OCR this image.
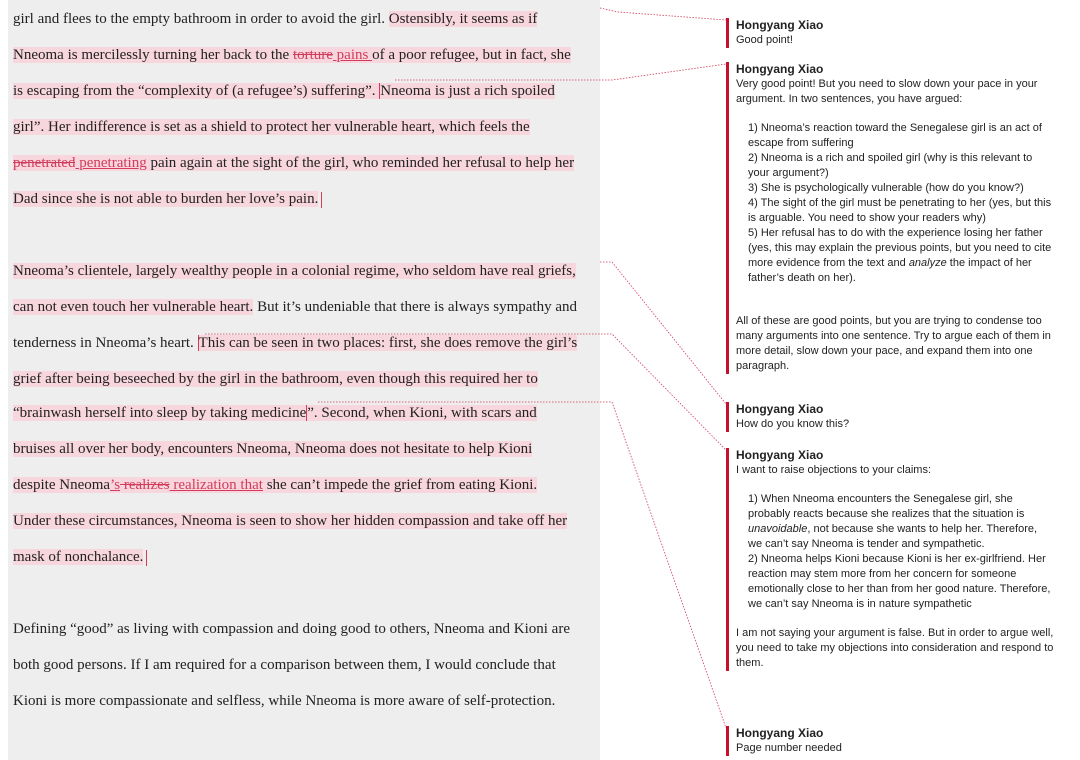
girl and flees to the empty bathroom in order to avoid the girl. Ostensibly, it seems as if
Nneoma is mercilessly turning her back to the torture pains of a poor refugee, but in fact, she
is escaping from the “complexity of (a refugee’s) suffering”. Nneoma is just a rich spoiled
girl”. Her indifference is set as a shield to protect her vulnerable heart, which feels the
penetrated penetrating pain again at the sight of the girl, who reminded her refusal to help her
Dad since she is not able to burden her love’s pain.
Nneoma’s clientele, largely wealthy people in a colonial regime, who seldom have real griefs,
can not even touch her vulnerable heart. But it’s undeniable that there is always sympathy and
tenderness in Nneoma’s heart. This can be seen in two places: first, she does remove the girl’s
grief after being beseeched by the girl in the bathroom, even though this required her to
“brainwash herself into sleep by taking medicine”. Second, when Kioni, with scars and
bruises all over her body, encounters Nneoma, Nneoma does not hesitate to help Kioni
despite Nneoma’s realizes realization that she can’t impede the grief from eating Kioni.
Under these circumstances, Nneoma is seen to show her hidden compassion and take off her
mask of nonchalance.
Defining “good” as living with compassion and doing good to others, Nneoma and Kioni are
both good persons. If I am required for a comparison between them, I would conclude that
Kioni is more compassionate and selfless, while Nneoma is more aware of self-protection.
Hongyang Xiao
Good point!
Hongyang Xiao
Very good point! But you need to slow down your pace in your argument. In two sentences, you have argued:
1) Nneoma’s reaction toward the Senegalese girl is an act of escape from suffering
2) Nneoma is a rich and spoiled girl (why is this relevant to your argument?)
3) She is psychologically vulnerable (how do you know?)
4) The sight of the girl must be penetrating to her (yes, but this is arguable. You need to show your readers why)
5) Her refusal has to do with the experience losing her father (yes, this may explain the previous points, but you need to cite more evidence from the text and analyze the impact of her father’s death on her).
All of these are good points, but you are trying to condense too many arguments into one sentence. Try to argue each of them in more detail, slow down your pace, and expand them into one paragraph.
Hongyang Xiao
How do you know this?
Hongyang Xiao
I want to raise objections to your claims:
1) When Nneoma encounters the Senegalese girl, she probably reacts because she realizes that the situation is unavoidable, not because she wants to help her. Therefore, we can’t say Nneoma is tender and sympathetic.
2) Nneoma helps Kioni because Kioni is her ex-girlfriend. Her reaction may stem more from her concern for someone emotionally close to her than from her good nature. Therefore, we can’t say Nneoma is in nature sympathetic
I am not saying your argument is false. But in order to argue well, you need to take my objections into consideration and respond to them.
Hongyang Xiao
Page number needed
